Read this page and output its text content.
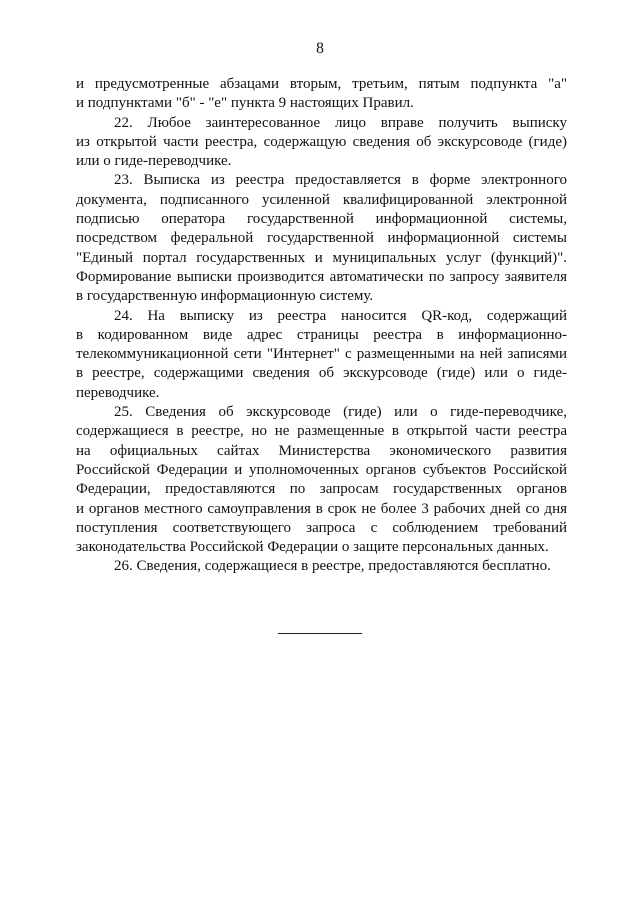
8
и предусмотренные абзацами вторым, третьим, пятым подпункта "а"
и подпунктами "б" - "е" пункта 9 настоящих Правил.
22. Любое заинтересованное лицо вправе получить выписку
из открытой части реестра, содержащую сведения об экскурсоводе (гиде)
или о гиде-переводчике.
23. Выписка из реестра предоставляется в форме электронного
документа, подписанного усиленной квалифицированной электронной
подписью оператора государственной информационной системы,
посредством федеральной государственной информационной системы
"Единый портал государственных и муниципальных услуг (функций)".
Формирование выписки производится автоматически по запросу заявителя
в государственную информационную систему.
24. На выписку из реестра наносится QR-код, содержащий
в кодированном виде адрес страницы реестра в информационно-
телекоммуникационной сети "Интернет" с размещенными на ней записями
в реестре, содержащими сведения об экскурсоводе (гиде) или о гиде-
переводчике.
25. Сведения об экскурсоводе (гиде) или о гиде-переводчике,
содержащиеся в реестре, но не размещенные в открытой части реестра
на официальных сайтах Министерства экономического развития
Российской Федерации и уполномоченных органов субъектов Российской
Федерации, предоставляются по запросам государственных органов
и органов местного самоуправления в срок не более 3 рабочих дней со дня
поступления соответствующего запроса с соблюдением требований
законодательства Российской Федерации о защите персональных данных.
26. Сведения, содержащиеся в реестре, предоставляются бесплатно.
